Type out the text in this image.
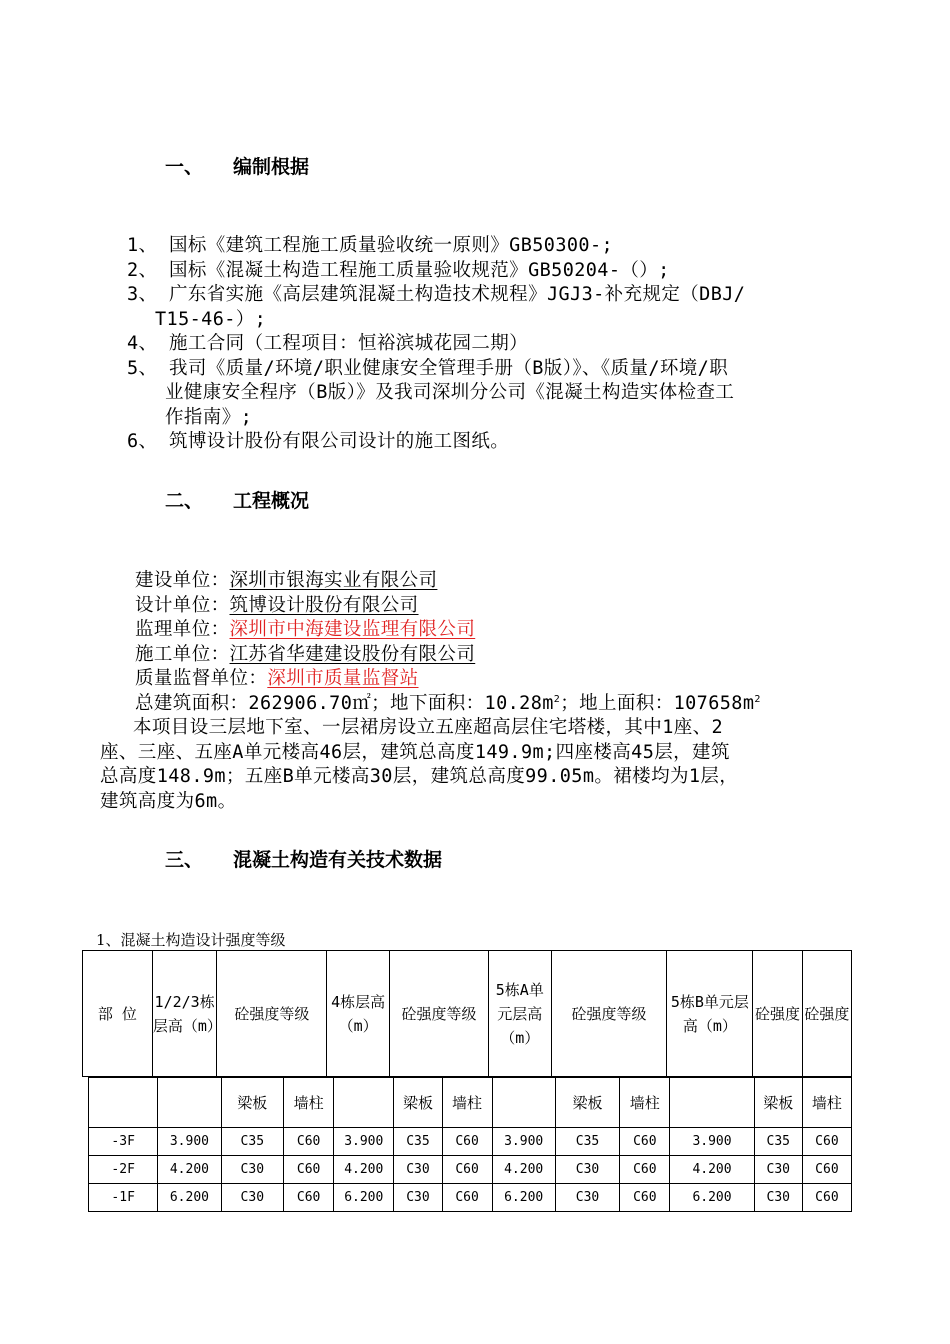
一、 编制根据
1、 国标《建筑工程施工质量验收统一原则》GB50300-;
2、 国标《混凝土构造工程施工质量验收规范》GB50204-（）;
3、 广东省实施《高层建筑混凝土构造技术规程》JGJ3-补充规定（DBJ/
T15-46-）;
4、 施工合同（工程项目：恒裕滨城花园二期）
5、 我司《质量/环境/职业健康安全管理手册（B版）》、《质量/环境/职
业健康安全程序（B版）》及我司深圳分公司《混凝土构造实体检查工
作指南》;
6、 筑博设计股份有限公司设计的施工图纸。
二、 工程概况
建设单位：深圳市银海实业有限公司
设计单位：筑博设计股份有限公司
监理单位：深圳市中海建设监理有限公司
施工单位：江苏省华建建设股份有限公司
质量监督单位：深圳市质量监督站
总建筑面积：262906.70㎡；地下面积：$10.28m^2$；地上面积：$107658m^2$
本项目设三层地下室、一层裙房设立五座超高层住宅塔楼，其中1座、2
座、三座、五座A单元楼高46层，建筑总高度149.9m;四座楼高45层，建筑
总高度148.9m；五座B单元楼高30层，建筑总高度99.05m。裙楼均为1层，
建筑高度为6m。
三、 混凝土构造有关技术数据
1、混凝土构造设计强度等级
部 位	1/2/3栋层高（m）	砼强度等级	4栋层高（m）	砼强度等级	5栋A单元层高（m）	砼强度等级	5栋B单元层高（m）	砼强度	砼强度
		梁板	墙柱		梁板	墙柱		梁板	墙柱		梁板	墙柱
-3F	3.900	C35	C60	3.900	C35	C60	3.900	C35	C60	3.900	C35	C60
-2F	4.200	C30	C60	4.200	C30	C60	4.200	C30	C60	4.200	C30	C60
-1F	6.200	C30	C60	6.200	C30	C60	6.200	C30	C60	6.200	C30	C60
